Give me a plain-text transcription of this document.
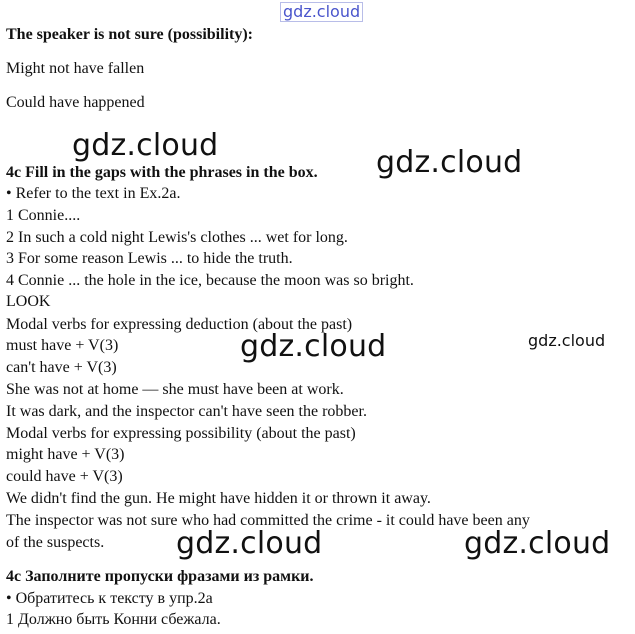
gdz.cloud
gdz.cloud	gdz.cloud
gdz.cloud	gdz.cloud
gdz.cloud	gdz.cloud
The speaker is not sure (possibility):
Might not have fallen
Could have happened
4c Fill in the gaps with the phrases in the box.
• Refer to the text in Ex.2a.
1 Connie....
2 In such a cold night Lewis's clothes ... wet for long.
3 For some reason Lewis ... to hide the truth.
4 Connie ... the hole in the ice, because the moon was so bright.
LOOK
Modal verbs for expressing deduction (about the past)
must have + V(3)
can't have + V(3)
She was not at home — she must have been at work.
It was dark, and the inspector can't have seen the robber.
Modal verbs for expressing possibility (about the past)
might have + V(3)
could have + V(3)
We didn't find the gun. He might have hidden it or thrown it away.
The inspector was not sure who had committed the crime - it could have been any
of the suspects.
4с Заполните пропуски фразами из рамки.
• Обратитесь к тексту в упр.2а
1 Должно быть Конни сбежала.
